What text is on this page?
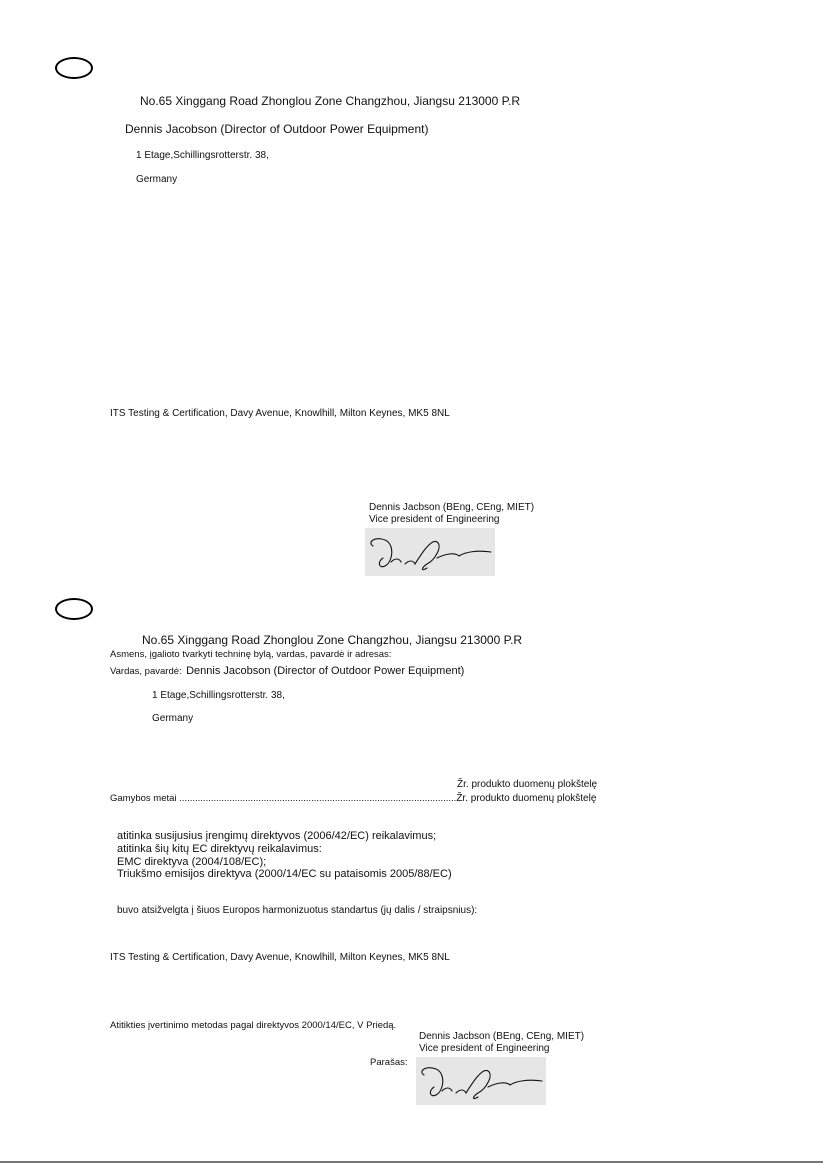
No.65 Xinggang Road Zhonglou Zone Changzhou, Jiangsu 213000 P.R
Dennis Jacobson (Director of Outdoor Power Equipment)
1 Etage,Schillingsrotterstr. 38,
Germany
ITS Testing & Certification, Davy Avenue, Knowlhill, Milton Keynes, MK5 8NL
Dennis Jacbson (BEng, CEng, MIET)
Vice president of Engineering
No.65 Xinggang Road Zhonglou Zone Changzhou, Jiangsu 213000 P.R
Asmens, įgalioto tvarkyti techninę bylą, vardas, pavardė ir adresas:
Vardas, pavardė: Dennis Jacobson (Director of Outdoor Power Equipment)
1 Etage,Schillingsrotterstr. 38,
Germany
Žr. produkto duomenų plokštelę
Gamybos metai .........................................................................................................Žr. produkto duomenų plokštelę
atitinka susijusius įrengimų direktyvos (2006/42/EC) reikalavimus;
atitinka šių kitų EC direktyvų reikalavimus:
EMC direktyva (2004/108/EC);
Triukšmo emisijos direktyva (2000/14/EC su pataisomis 2005/88/EC)
buvo atsižvelgta į šiuos Europos harmonizuotus standartus (jų dalis / straipsnius):
ITS Testing & Certification, Davy Avenue, Knowlhill, Milton Keynes, MK5 8NL
Atitikties įvertinimo metodas pagal direktyvos 2000/14/EC, V Priedą.
Dennis Jacbson (BEng, CEng, MIET)
Vice president of Engineering
Parašas:
